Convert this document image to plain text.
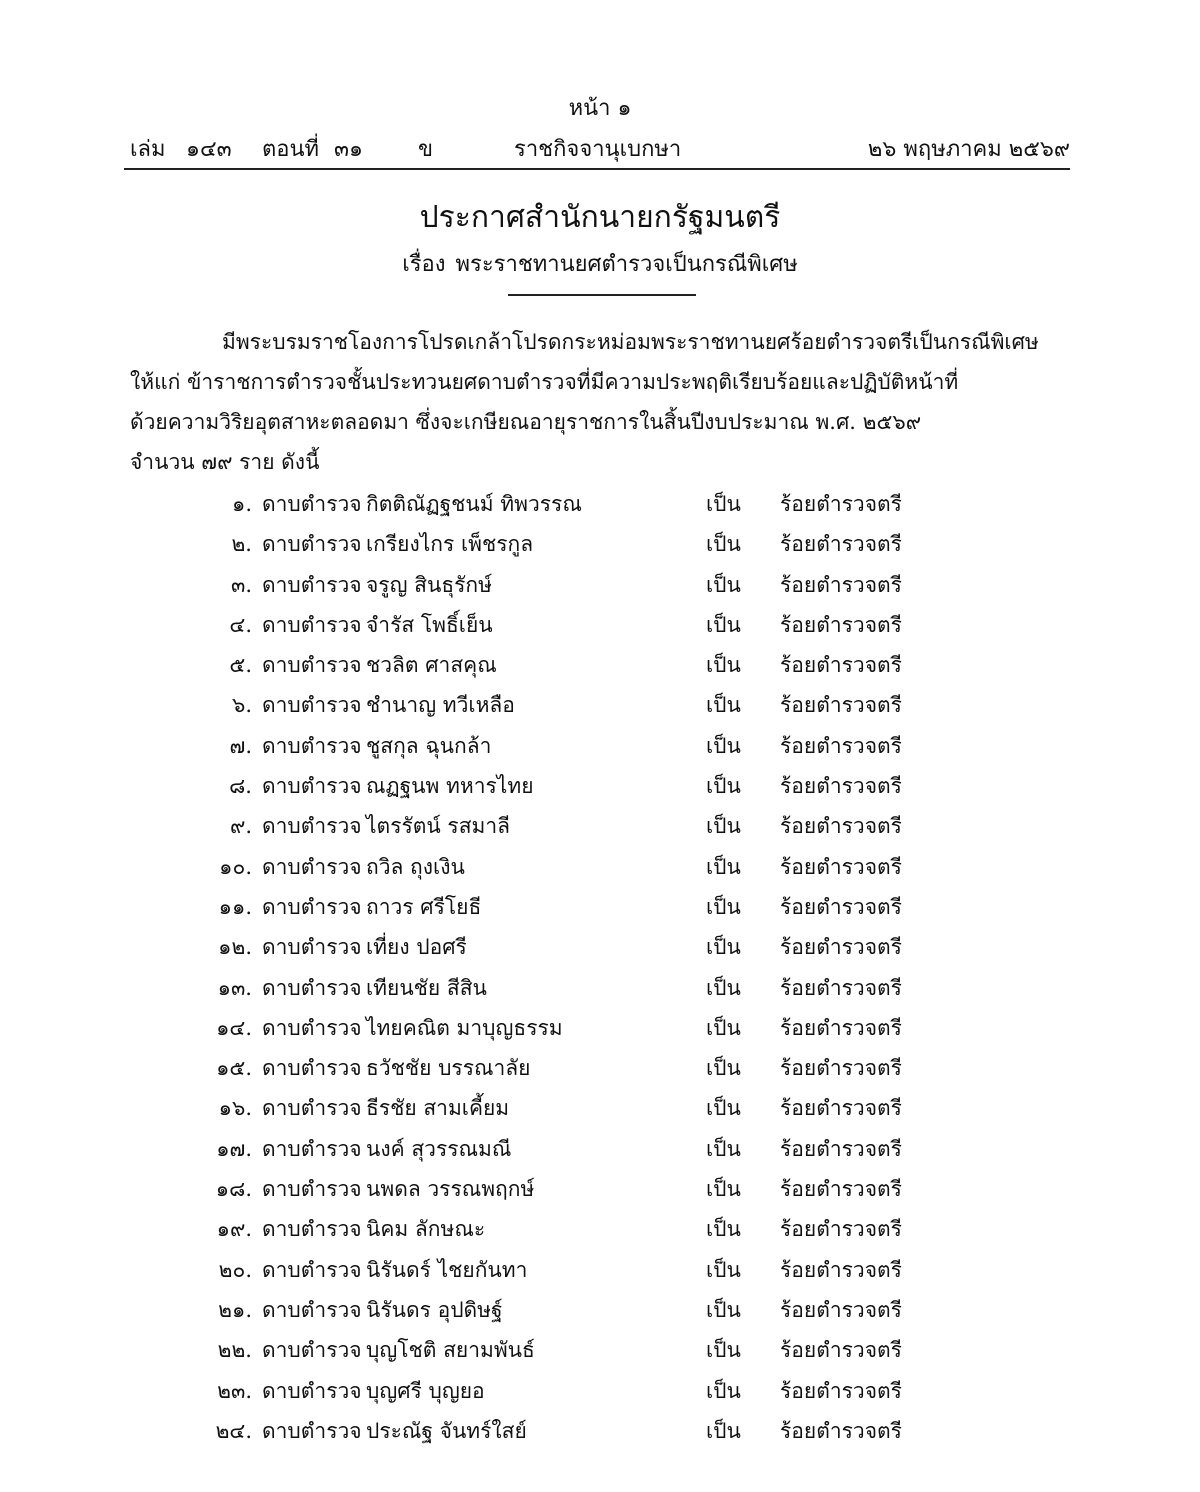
หน้า ๑
เล่ม ๑๔๓ ตอนที่ ๓๑ ข	ราชกิจจานุเบกษา	๒๖ พฤษภาคม ๒๕๖๙
ประกาศสำนักนายกรัฐมนตรี
เรื่อง พระราชทานยศตำรวจเป็นกรณีพิเศษ
มีพระบรมราชโองการโปรดเกล้าโปรดกระหม่อมพระราชทานยศร้อยตำรวจตรีเป็นกรณีพิเศษ
ให้แก่ ข้าราชการตำรวจชั้นประทวนยศดาบตำรวจที่มีความประพฤติเรียบร้อยและปฏิบัติหน้าที่
ด้วยความวิริยอุตสาหะตลอดมา ซึ่งจะเกษียณอายุราชการในสิ้นปีงบประมาณ พ.ศ. ๒๕๖๙
จำนวน ๗๙ ราย ดังนี้
๑. ดาบตำรวจ กิตติณัฏฐชนม์ ทิพวรรณ	เป็น ร้อยตำรวจตรี
๒. ดาบตำรวจ เกรียงไกร เพ็ชรกูล	เป็น ร้อยตำรวจตรี
๓. ดาบตำรวจ จรูญ สินธุรักษ์	เป็น ร้อยตำรวจตรี
๔. ดาบตำรวจ จำรัส โพธิ์เย็น	เป็น ร้อยตำรวจตรี
๕. ดาบตำรวจ ชวลิต ศาสคุณ	เป็น ร้อยตำรวจตรี
๖. ดาบตำรวจ ชำนาญ ทวีเหลือ	เป็น ร้อยตำรวจตรี
๗. ดาบตำรวจ ชูสกุล ฉุนกล้า	เป็น ร้อยตำรวจตรี
๘. ดาบตำรวจ ณฏฐนพ ทหารไทย	เป็น ร้อยตำรวจตรี
๙. ดาบตำรวจ ไตรรัตน์ รสมาลี	เป็น ร้อยตำรวจตรี
๑๐. ดาบตำรวจ ถวิล ถุงเงิน	เป็น ร้อยตำรวจตรี
๑๑. ดาบตำรวจ ถาวร ศรีโยธี	เป็น ร้อยตำรวจตรี
๑๒. ดาบตำรวจ เที่ยง ปอศรี	เป็น ร้อยตำรวจตรี
๑๓. ดาบตำรวจ เทียนชัย สีสิน	เป็น ร้อยตำรวจตรี
๑๔. ดาบตำรวจ ไทยคณิต มาบุญธรรม	เป็น ร้อยตำรวจตรี
๑๕. ดาบตำรวจ ธวัชชัย บรรณาลัย	เป็น ร้อยตำรวจตรี
๑๖. ดาบตำรวจ ธีรชัย สามเคี้ยม	เป็น ร้อยตำรวจตรี
๑๗. ดาบตำรวจ นงค์ สุวรรณมณี	เป็น ร้อยตำรวจตรี
๑๘. ดาบตำรวจ นพดล วรรณพฤกษ์	เป็น ร้อยตำรวจตรี
๑๙. ดาบตำรวจ นิคม ลักษณะ	เป็น ร้อยตำรวจตรี
๒๐. ดาบตำรวจ นิรันดร์ ไชยกันทา	เป็น ร้อยตำรวจตรี
๒๑. ดาบตำรวจ นิรันดร อุปดิษฐ์	เป็น ร้อยตำรวจตรี
๒๒. ดาบตำรวจ บุญโชติ สยามพันธ์	เป็น ร้อยตำรวจตรี
๒๓. ดาบตำรวจ บุญศรี บุญยอ	เป็น ร้อยตำรวจตรี
๒๔. ดาบตำรวจ ประณัฐ จันทร์ใสย์	เป็น ร้อยตำรวจตรี
